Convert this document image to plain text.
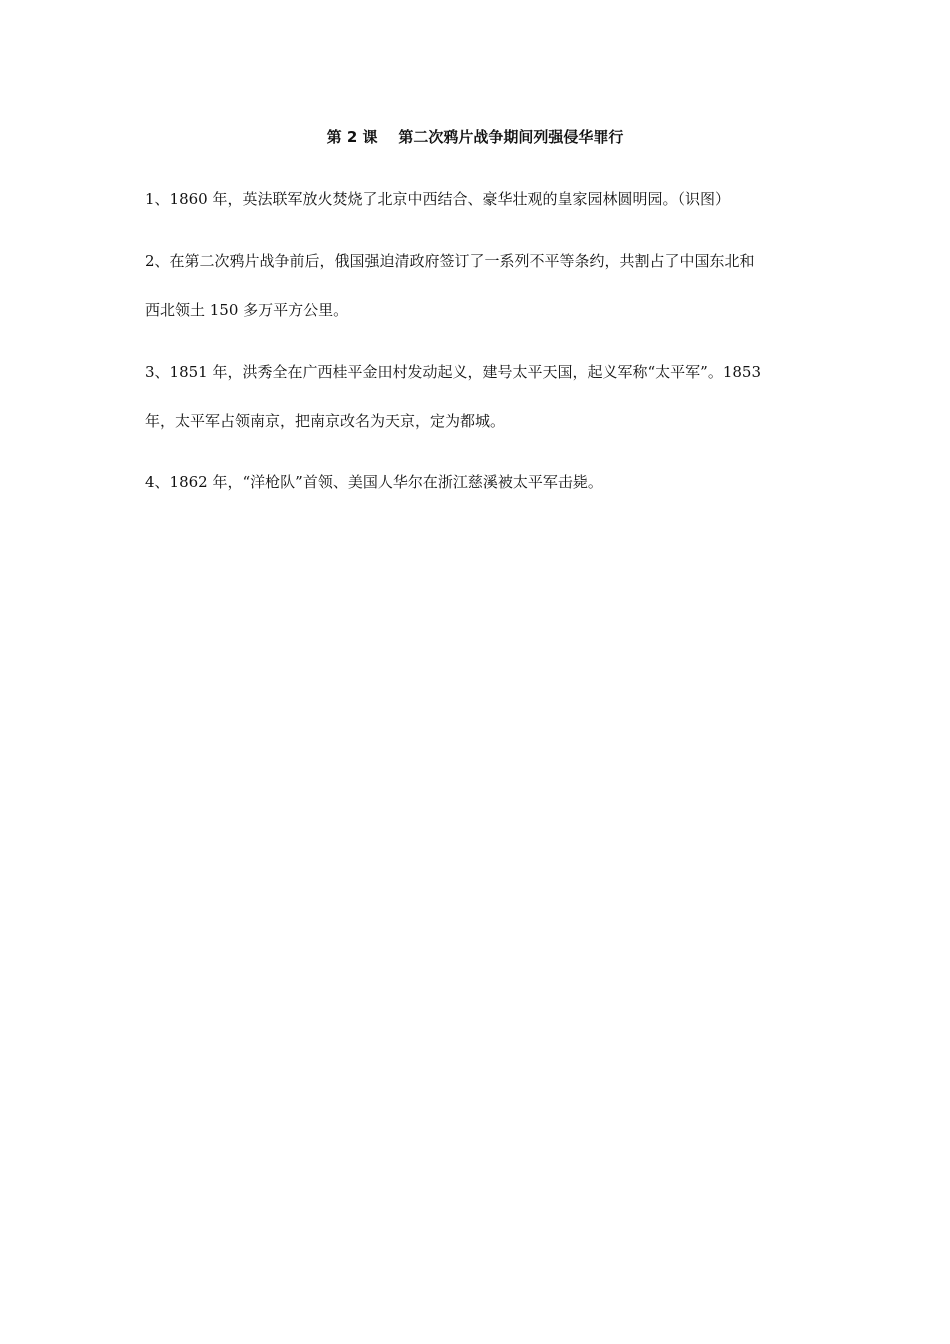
第 2 课    第二次鸦片战争期间列强侵华罪行
1、1860 年，英法联军放火焚烧了北京中西结合、豪华壮观的皇家园林圆明园。（识图）
2、在第二次鸦片战争前后，俄国强迫清政府签订了一系列不平等条约，共割占了中国东北和
西北领土 150 多万平方公里。
3、1851 年，洪秀全在广西桂平金田村发动起义，建号太平天国，起义军称“太平军”。1853
年，太平军占领南京，把南京改名为天京，定为都城。
4、1862 年，“洋枪队”首领、美国人华尔在浙江慈溪被太平军击毙。
